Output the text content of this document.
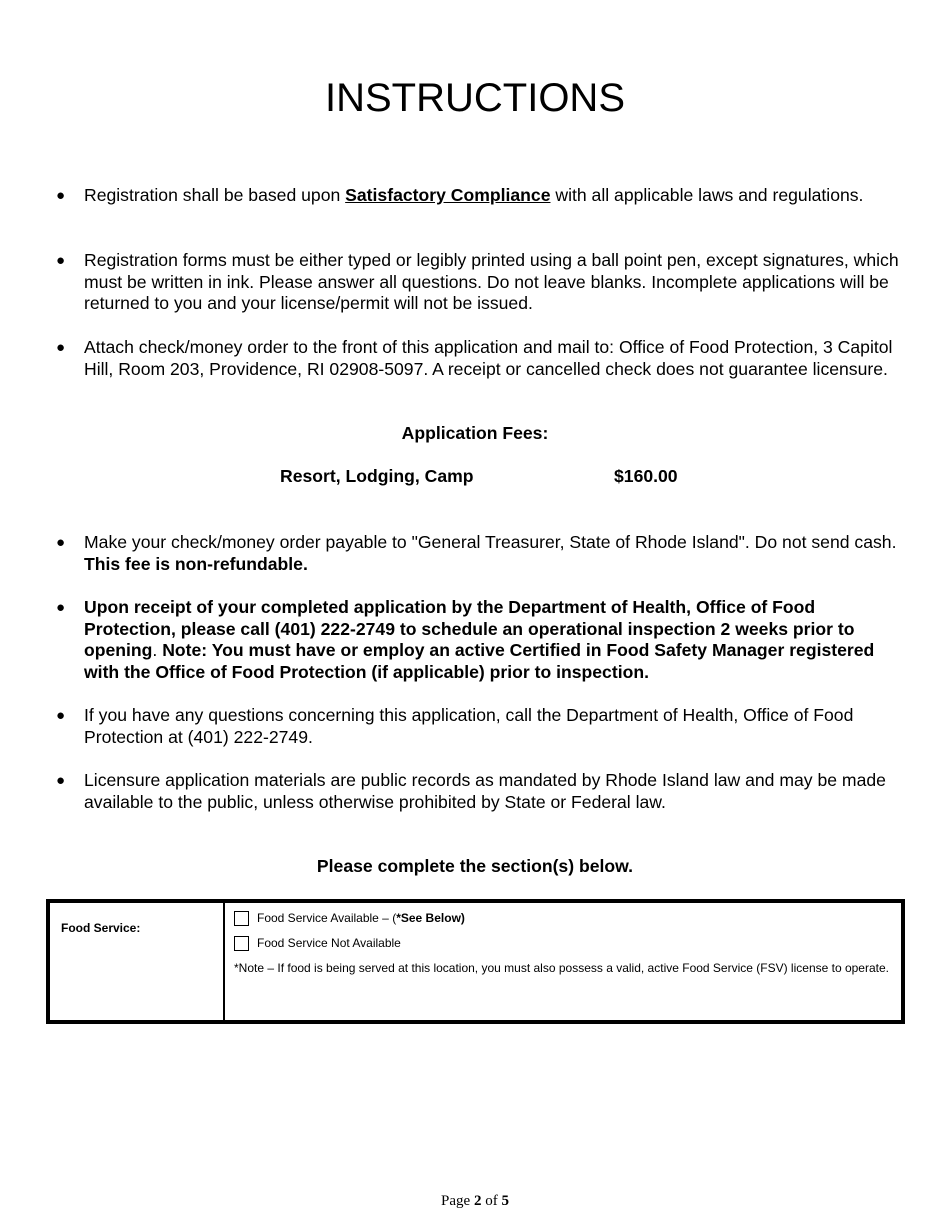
INSTRUCTIONS
●	Registration shall be based upon Satisfactory Compliance with all applicable laws and regulations.
●	Registration forms must be either typed or legibly printed using a ball point pen, except signatures, which must be written in ink. Please answer all questions. Do not leave blanks. Incomplete applications will be returned to you and your license/permit will not be issued.
●	Attach check/money order to the front of this application and mail to: Office of Food Protection, 3 Capitol Hill, Room 203, Providence, RI 02908-5097. A receipt or cancelled check does not guarantee licensure.
Application Fees:
Resort, Lodging, Camp	$160.00
●	Make your check/money order payable to "General Treasurer, State of Rhode Island". Do not send cash. This fee is non-refundable.
●	Upon receipt of your completed application by the Department of Health, Office of Food Protection, please call (401) 222-2749 to schedule an operational inspection 2 weeks prior to opening. Note: You must have or employ an active Certified in Food Safety Manager registered with the Office of Food Protection (if applicable) prior to inspection.
●	If you have any questions concerning this application, call the Department of Health, Office of Food Protection at (401) 222-2749.
●	Licensure application materials are public records as mandated by Rhode Island law and may be made available to the public, unless otherwise prohibited by State or Federal law.
Please complete the section(s) below.
Food Service:
Food Service Available – (*See Below)
Food Service Not Available
*Note – If food is being served at this location, you must also possess a valid, active Food Service (FSV) license to operate.
Page 2 of 5
